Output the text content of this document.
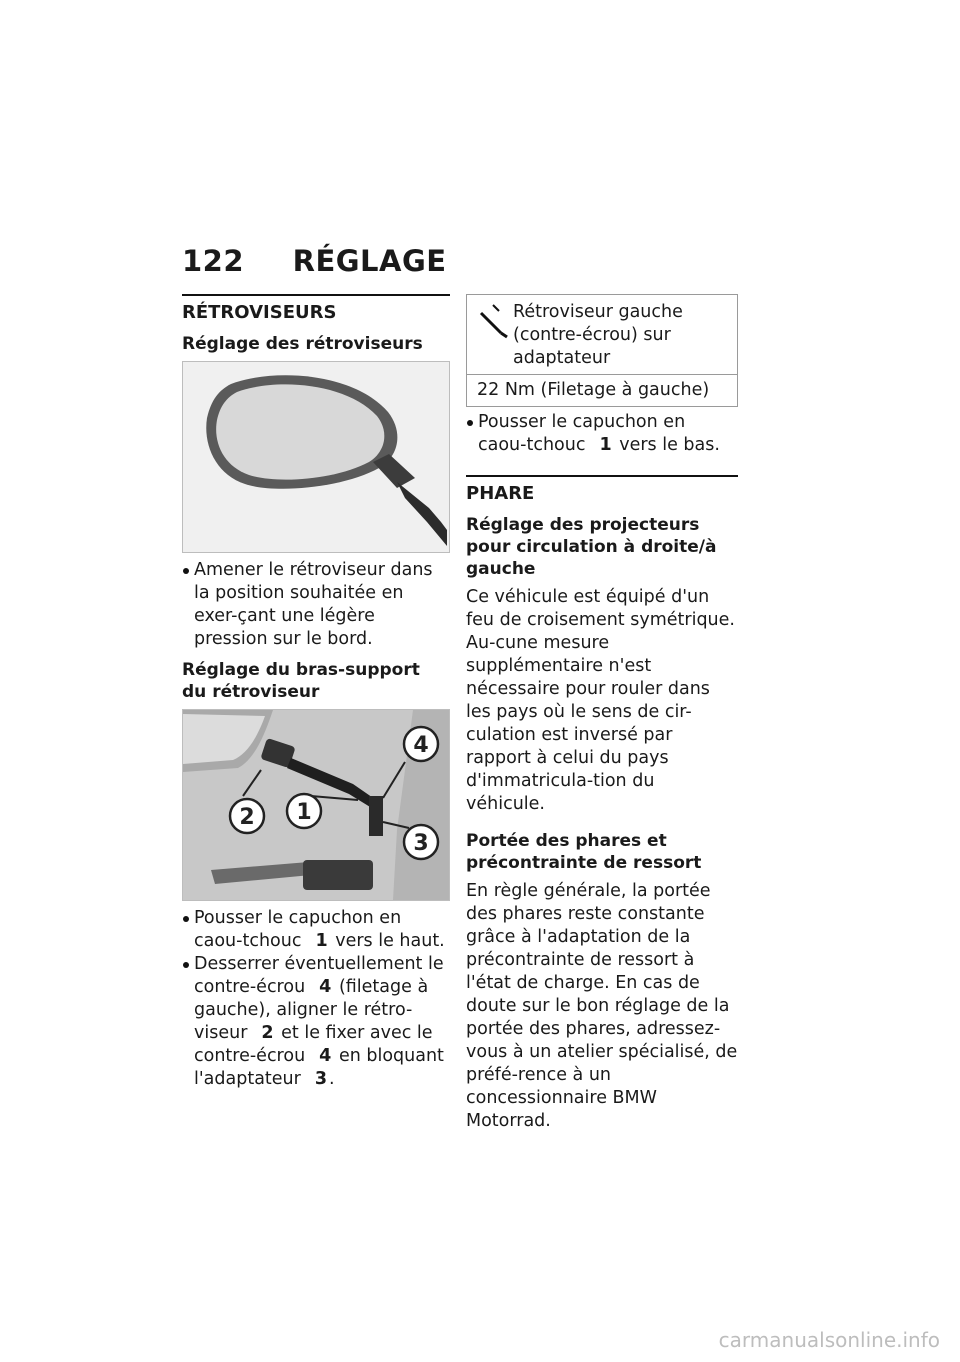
122 RÉGLAGE
RÉTROVISEURS
Réglage des rétroviseurs
Amener le rétroviseur dans la position souhaitée en exer-çant une légère pression sur le bord.
Réglage du bras-support du rétroviseur
2 1
4
3
Pousser le capuchon en caou-tchouc 1 vers le haut.
Desserrer éventuellement le contre-écrou 4 (filetage à gauche), aligner le rétro-viseur 2 et le fixer avec le contre-écrou 4 en bloquant l'adaptateur 3 .
Rétroviseur gauche (contre-écrou) sur adaptateur
22 Nm (Filetage à gauche)
Pousser le capuchon en caou-tchouc 1 vers le bas.
PHARE
Réglage des projecteurs pour circulation à droite/à gauche

Ce véhicule est équipé d'un feu de croisement symétrique. Au-cune mesure supplémentaire n'est nécessaire pour rouler dans les pays où le sens de cir-culation est inversé par rapport à celui du pays d'immatricula-tion du véhicule.

Portée des phares et précontrainte de ressort

En règle générale, la portée des phares reste constante grâce à l'adaptation de la précontrainte de ressort à l'état de charge. En cas de doute sur le bon réglage de la portée des phares, adressez-vous à un atelier spécialisé, de préfé-rence à un concessionnaire BMW Motorrad.

carmanualsonline.info
